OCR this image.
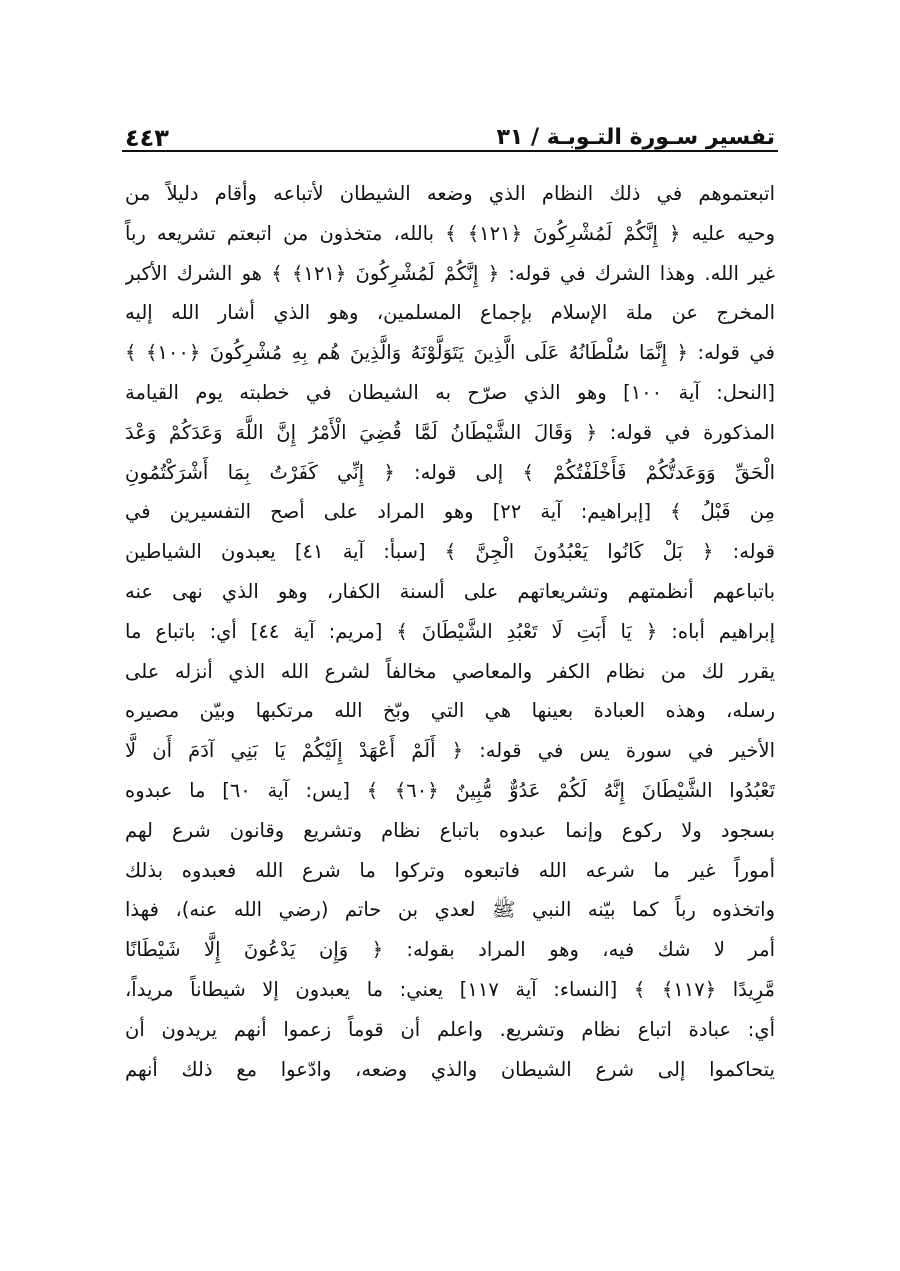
تفسير سـورة التـوبـة / ٣١
٤٤٣
اتبعتموهم في ذلك النظام الذي وضعه الشيطان لأتباعه وأقام دليلاً من
وحيه عليه ﴿ إِنَّكُمْ لَمُشْرِكُونَ ﴿١٢١﴾ ﴾ بالله، متخذون من اتبعتم تشريعه رباً
غير الله. وهذا الشرك في قوله: ﴿ إِنَّكُمْ لَمُشْرِكُونَ ﴿١٢١﴾ ﴾ هو الشرك الأكبر
المخرج عن ملة الإسلام بإجماع المسلمين، وهو الذي أشار الله إليه
في قوله: ﴿ إِنَّمَا سُلْطَانُهُ عَلَى الَّذِينَ يَتَوَلَّوْنَهُ وَالَّذِينَ هُم بِهِ مُشْرِكُونَ ﴿١٠٠﴾ ﴾
[النحل: آية ١٠٠] وهو الذي صرّح به الشيطان في خطبته يوم القيامة
المذكورة في قوله: ﴿ وَقَالَ الشَّيْطَانُ لَمَّا قُضِيَ الْأَمْرُ إِنَّ اللَّهَ وَعَدَكُمْ وَعْدَ
الْحَقِّ وَوَعَدتُّكُمْ فَأَخْلَفْتُكُمْ ﴾ إلى قوله: ﴿ إِنِّي كَفَرْتُ بِمَا أَشْرَكْتُمُونِ
مِن قَبْلُ ﴾ [إبراهيم: آية ٢٢] وهو المراد على أصح التفسيرين في
قوله: ﴿ بَلْ كَانُوا يَعْبُدُونَ الْجِنَّ ﴾ [سبأ: آية ٤١] يعبدون الشياطين
باتباعهم أنظمتهم وتشريعاتهم على ألسنة الكفار، وهو الذي نهى عنه
إبراهيم أباه: ﴿ يَا أَبَتِ لَا تَعْبُدِ الشَّيْطَانَ ﴾ [مريم: آية ٤٤] أي: باتباع ما
يقرر لك من نظام الكفر والمعاصي مخالفاً لشرع الله الذي أنزله على
رسله، وهذه العبادة بعينها هي التي وبّخ الله مرتكبها وبيّن مصيره
الأخير في سورة يس في قوله: ﴿ أَلَمْ أَعْهَدْ إِلَيْكُمْ يَا بَنِي آدَمَ أَن لَّا
تَعْبُدُوا الشَّيْطَانَ إِنَّهُ لَكُمْ عَدُوٌّ مُّبِينٌ ﴿٦٠﴾ ﴾ [يس: آية ٦٠] ما عبدوه
بسجود ولا ركوع وإنما عبدوه باتباع نظام وتشريع وقانون شرع لهم
أموراً غير ما شرعه الله فاتبعوه وتركوا ما شرع الله فعبدوه بذلك
واتخذوه رباً كما بيّنه النبي ﷺ لعدي بن حاتم (رضي الله عنه)، فهذا
أمر لا شك فيه، وهو المراد بقوله: ﴿ وَإِن يَدْعُونَ إِلَّا شَيْطَانًا
مَّرِيدًا ﴿١١٧﴾ ﴾ [النساء: آية ١١٧] يعني: ما يعبدون إلا شيطاناً مريداً،
أي: عبادة اتباع نظام وتشريع. واعلم أن قوماً زعموا أنهم يريدون أن
يتحاكموا إلى شرع الشيطان والذي وضعه، وادّعوا مع ذلك أنهم
